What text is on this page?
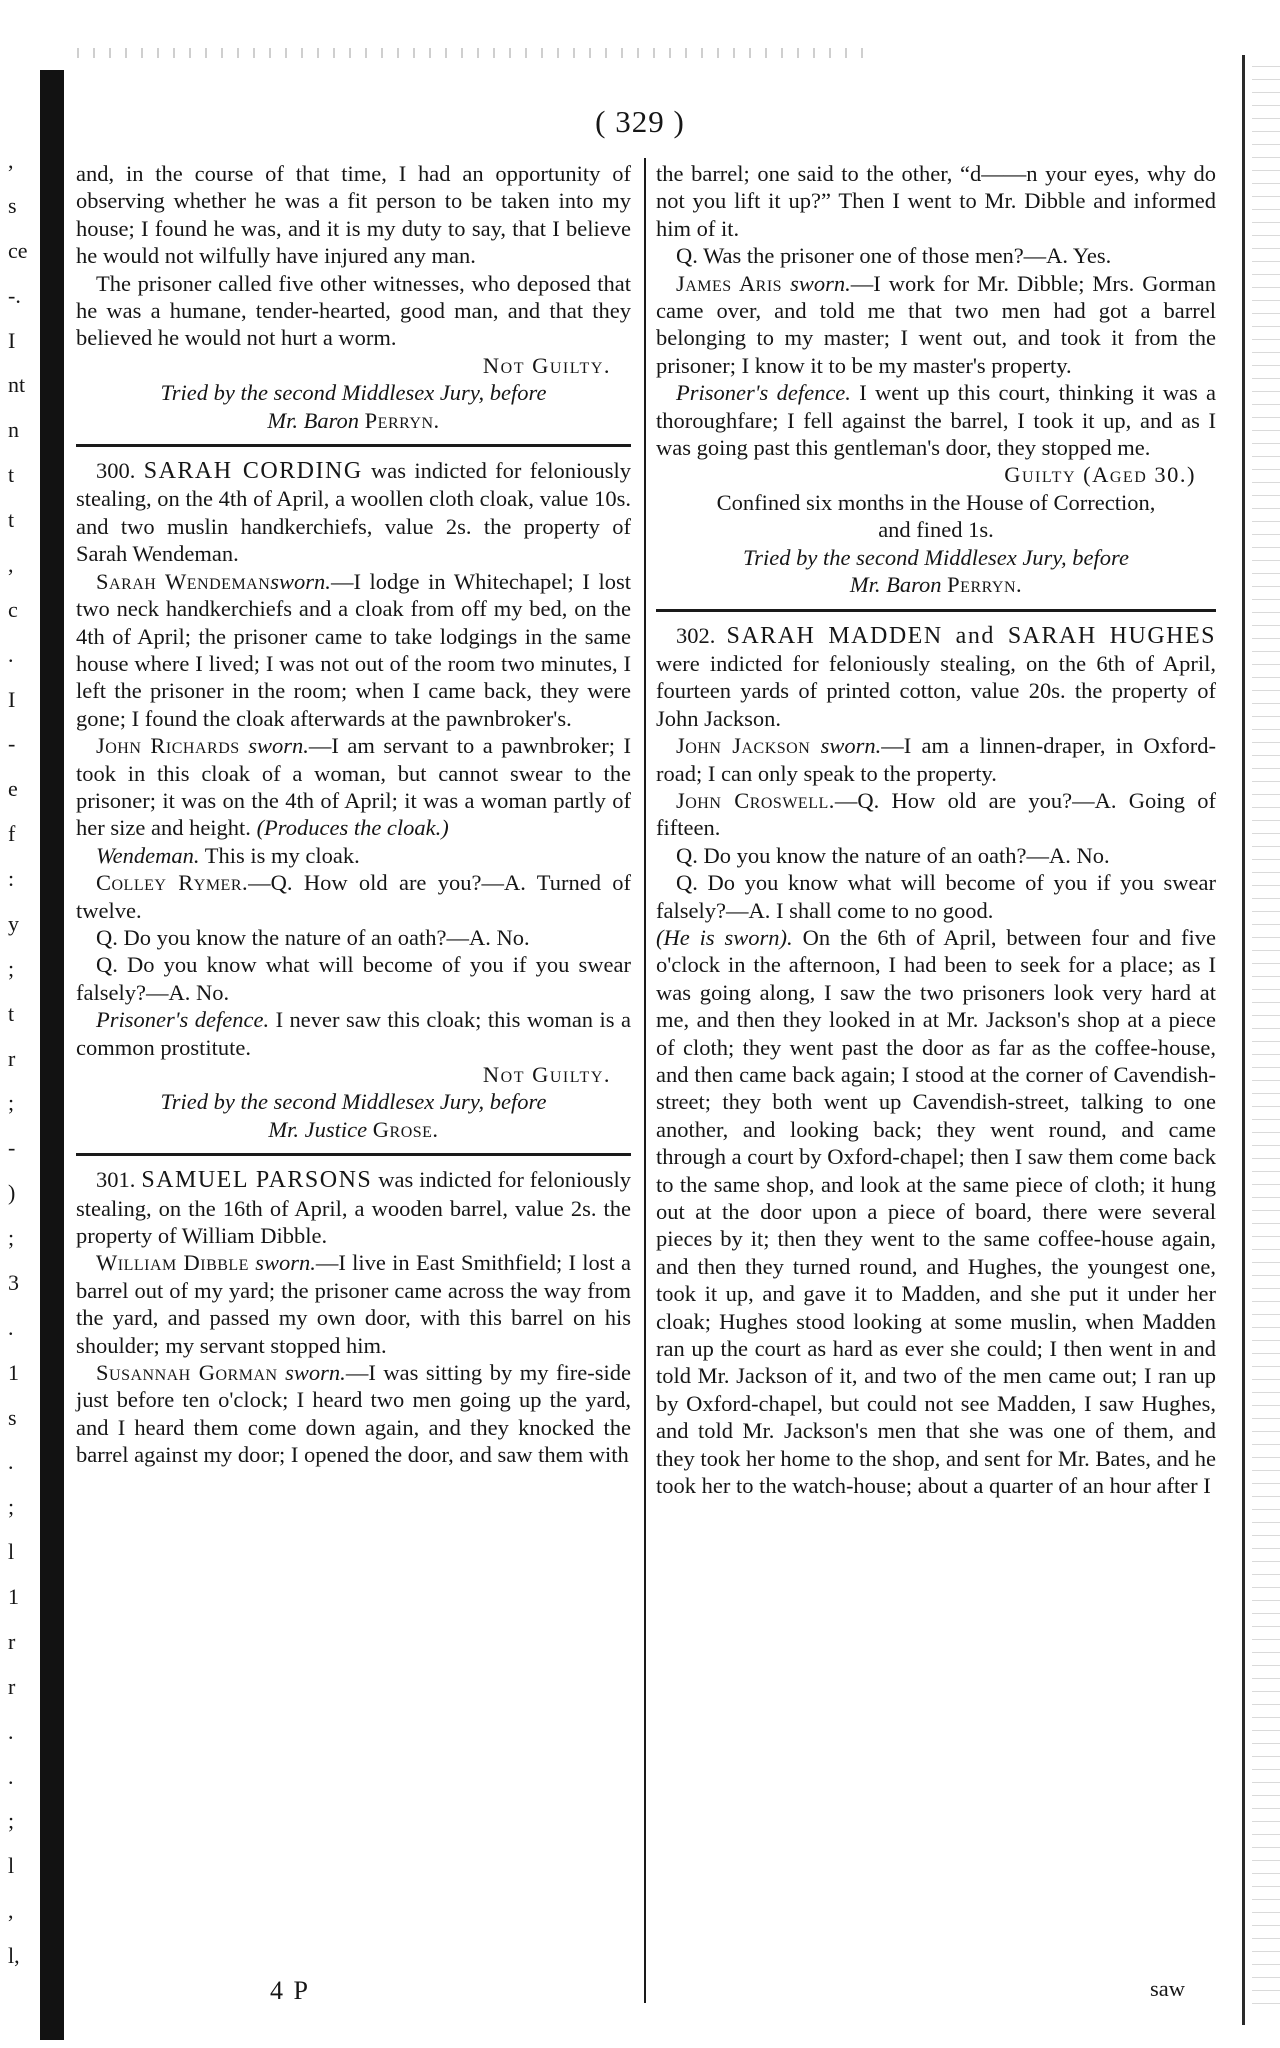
,
s
ce
-.
I
nt
n
t
t
,
c
.
I
-
e
f
:
y
;
t
r
;
-
)
;
3
.
1
s
.
;
l
1
r
r
.
.
;
l
,
l,
( 329 )

and, in the course of that time, I had an opportunity of observing whether he was a fit person to be taken into my house; I found he was, and it is my duty to say, that I believe he would not wilfully have injured any man.

The prisoner called five other witnesses, who deposed that he was a humane, tender-hearted, good man, and that they believed he would not hurt a worm.

Not Guilty.

Tried by the second Middlesex Jury, before
Mr. Baron Perryn.

300. SARAH CORDING was indicted for feloniously stealing, on the 4th of April, a woollen cloth cloak, value 10s. and two muslin handkerchiefs, value 2s. the property of Sarah Wendeman.

Sarah Wendemansworn.—I lodge in Whitechapel; I lost two neck handkerchiefs and a cloak from off my bed, on the 4th of April; the prisoner came to take lodgings in the same house where I lived; I was not out of the room two minutes, I left the prisoner in the room; when I came back, they were gone; I found the cloak afterwards at the pawnbroker's.

John Richards sworn.—I am servant to a pawnbroker; I took in this cloak of a woman, but cannot swear to the prisoner; it was on the 4th of April; it was a woman partly of her size and height. (Produces the cloak.)

Wendeman. This is my cloak.

Colley Rymer.—Q. How old are you?—A. Turned of twelve.

Q. Do you know the nature of an oath?—A. No.

Q. Do you know what will become of you if you swear falsely?—A. No.

Prisoner's defence. I never saw this cloak; this woman is a common prostitute.

Not Guilty.

Tried by the second Middlesex Jury, before
Mr. Justice Grose.

301. SAMUEL PARSONS was indicted for feloniously stealing, on the 16th of April, a wooden barrel, value 2s. the property of William Dibble.

William Dibble sworn.—I live in East Smithfield; I lost a barrel out of my yard; the prisoner came across the way from the yard, and passed my own door, with this barrel on his shoulder; my servant stopped him.

Susannah Gorman sworn.—I was sitting by my fire-side just before ten o'clock; I heard two men going up the yard, and I heard them come down again, and they knocked the barrel against my door; I opened the door, and saw them with

the barrel; one said to the other, “d——n your eyes, why do not you lift it up?” Then I went to Mr. Dibble and informed him of it.

Q. Was the prisoner one of those men?—A. Yes.

James Aris sworn.—I work for Mr. Dibble; Mrs. Gorman came over, and told me that two men had got a barrel belonging to my master; I went out, and took it from the prisoner; I know it to be my master's property.

Prisoner's defence. I went up this court, thinking it was a thoroughfare; I fell against the barrel, I took it up, and as I was going past this gentleman's door, they stopped me.

Guilty (Aged 30.)

Confined six months in the House of Correction,
and fined 1s.

Tried by the second Middlesex Jury, before
Mr. Baron Perryn.

302. SARAH MADDEN and SARAH HUGHES were indicted for feloniously stealing, on the 6th of April, fourteen yards of printed cotton, value 20s. the property of John Jackson.

John Jackson sworn.—I am a linnen-draper, in Oxford-road; I can only speak to the property.

John Croswell.—Q. How old are you?—A. Going of fifteen.

Q. Do you know the nature of an oath?—A. No.

Q. Do you know what will become of you if you swear falsely?—A. I shall come to no good.

(He is sworn). On the 6th of April, between four and five o'clock in the afternoon, I had been to seek for a place; as I was going along, I saw the two prisoners look very hard at me, and then they looked in at Mr. Jackson's shop at a piece of cloth; they went past the door as far as the coffee-house, and then came back again; I stood at the corner of Cavendish-street; they both went up Cavendish-street, talking to one another, and looking back; they went round, and came through a court by Oxford-chapel; then I saw them come back to the same shop, and look at the same piece of cloth; it hung out at the door upon a piece of board, there were several pieces by it; then they went to the same coffee-house again, and then they turned round, and Hughes, the youngest one, took it up, and gave it to Madden, and she put it under her cloak; Hughes stood looking at some muslin, when Madden ran up the court as hard as ever she could; I then went in and told Mr. Jackson of it, and two of the men came out; I ran up by Oxford-chapel, but could not see Madden, I saw Hughes, and told Mr. Jackson's men that she was one of them, and they took her home to the shop, and sent for Mr. Bates, and he took her to the watch-house; about a quarter of an hour after I

4 P	saw
